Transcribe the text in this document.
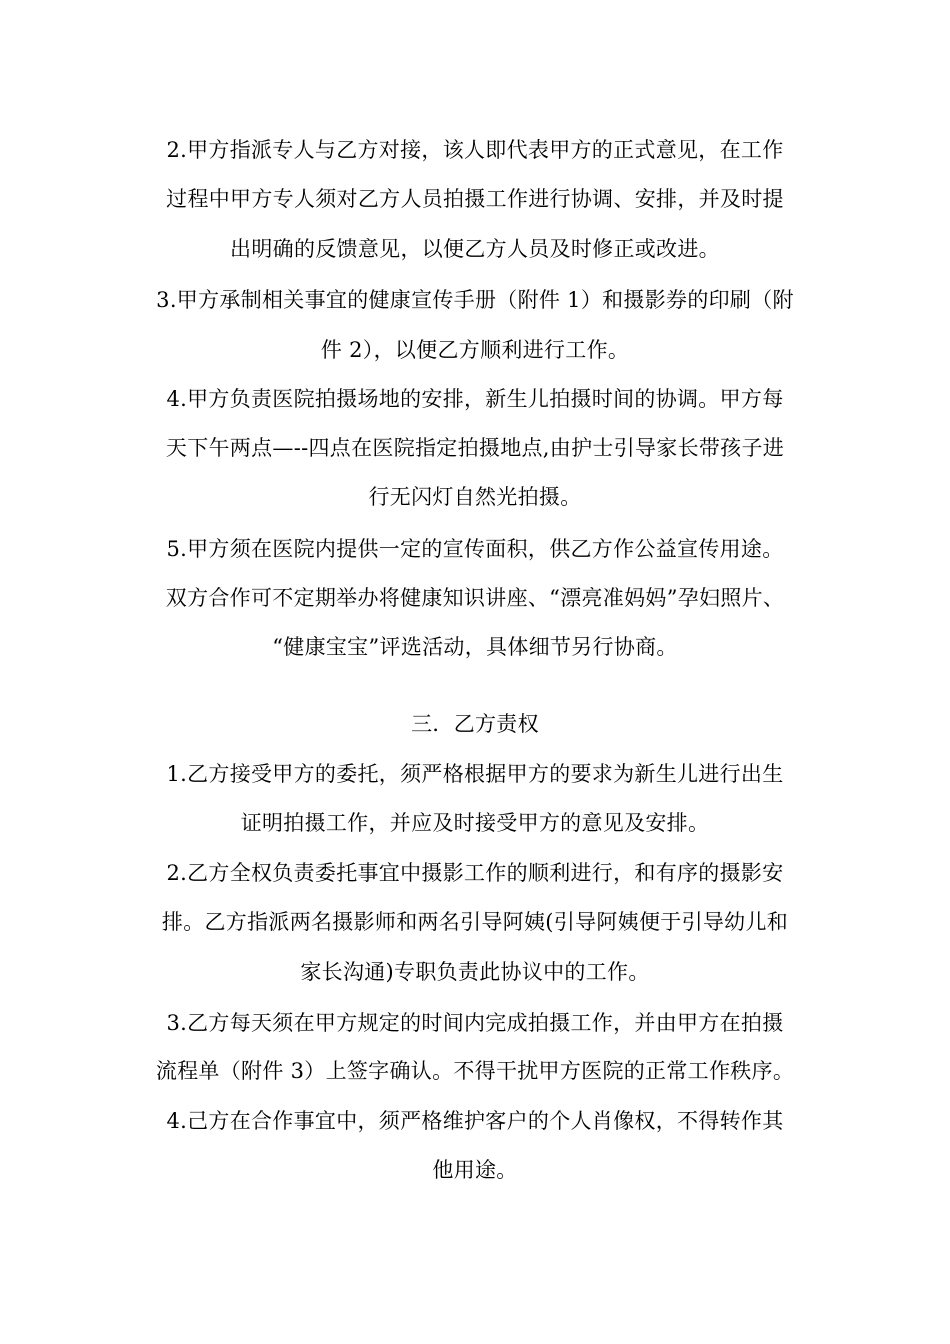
2.甲方指派专人与乙方对接，该人即代表甲方的正式意见，在工作
过程中甲方专人须对乙方人员拍摄工作进行协调、安排，并及时提
出明确的反馈意见，以便乙方人员及时修正或改进。
3.甲方承制相关事宜的健康宣传手册（附件 1）和摄影券的印刷（附
件 2），以便乙方顺利进行工作。
4.甲方负责医院拍摄场地的安排，新生儿拍摄时间的协调。甲方每
天下午两点—--四点在医院指定拍摄地点,由护士引导家长带孩子进
行无闪灯自然光拍摄。
5.甲方须在医院内提供一定的宣传面积，供乙方作公益宣传用途。
双方合作可不定期举办将健康知识讲座、“漂亮准妈妈”孕妇照片、
“健康宝宝”评选活动，具体细节另行协商。
三．乙方责权
1.乙方接受甲方的委托，须严格根据甲方的要求为新生儿进行出生
证明拍摄工作，并应及时接受甲方的意见及安排。
2.乙方全权负责委托事宜中摄影工作的顺利进行，和有序的摄影安
排。乙方指派两名摄影师和两名引导阿姨(引导阿姨便于引导幼儿和
家长沟通)专职负责此协议中的工作。
3.乙方每天须在甲方规定的时间内完成拍摄工作，并由甲方在拍摄
流程单（附件 3）上签字确认。不得干扰甲方医院的正常工作秩序。
4.己方在合作事宜中，须严格维护客户的个人肖像权，不得转作其
他用途。
